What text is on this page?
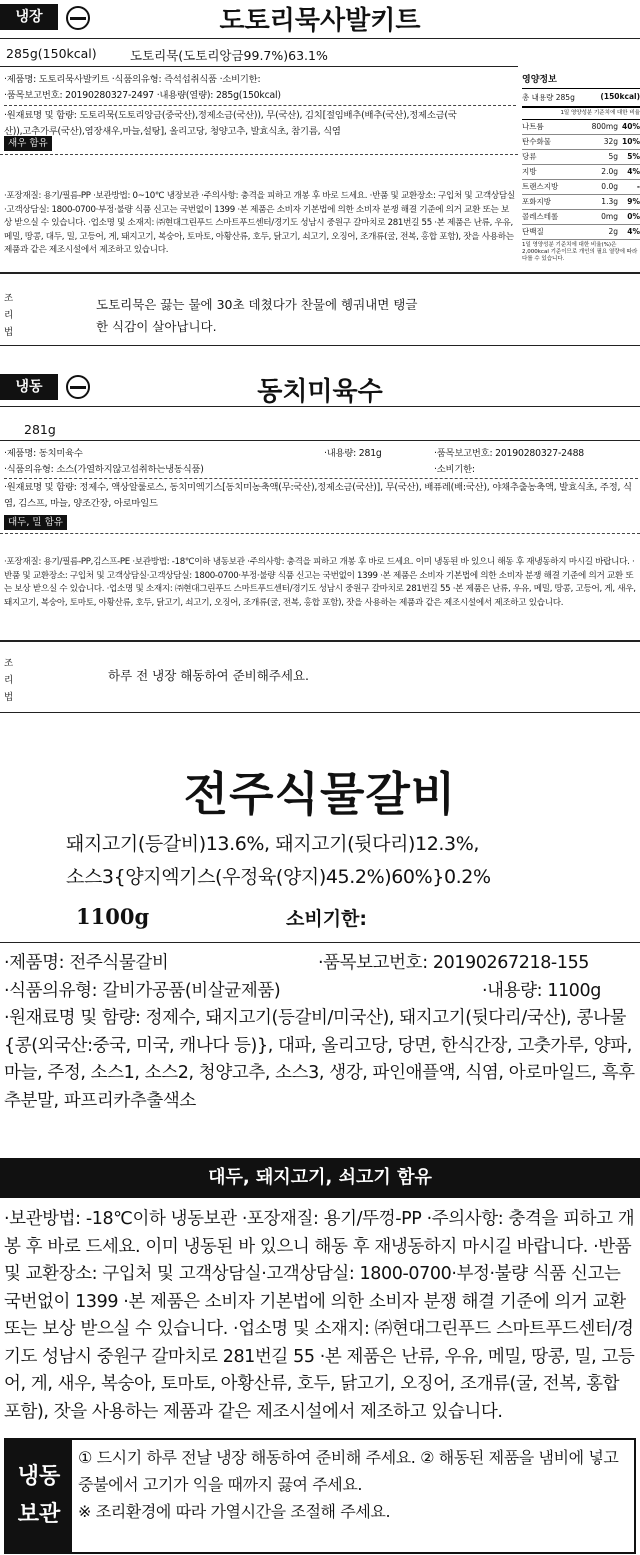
냉장	도토리묵사발키트
285g(150kcal)	도토리묵(도토리앙금99.7%)63.1%
·제품명: 도토리묵사발키트 ·식품의유형: 즉석섭취식품 ·소비기한:
·품목보고번호: 20190280327-2497 ·내용량(열량): 285g(150kcal)
·원재료명 및 함량: 도토리묵(도토리앙금(중국산),정제소금(국산)), 무(국산), 김치[절임배추(배추(국산),정제소금(국
산)),고추가루(국산),염장새우,마늘,설탕], 올리고당, 청양고추, 발효식초, 참기름, 식염
새우 함유
·포장재질: 용기/필름-PP ·보관방법: 0~10℃ 냉장보관 ·주의사항: 충격을 피하고 개봉 후 바로 드세요. ·반품 및 교환장소: 구입처 및 고객상담실·고객상담실: 1800-0700·부정·불량 식품 신고는 국번없이 1399 ·본 제품은 소비자 기본법에 의한 소비자 분쟁 해결 기준에 의거 교환 또는 보상 받으실 수 있습니다. ·업소명 및 소재지: ㈜현대그린푸드 스마트푸드센터/경기도 성남시 중원구 갈마치로 281번길 55 ·본 제품은 난류, 우유, 메밀, 땅콩, 대두, 밀, 고등어, 게, 돼지고기, 복숭아, 토마토, 아황산류, 호두, 닭고기, 쇠고기, 오징어, 조개류(굴, 전복, 홍합 포함), 잣을 사용하는 제품과 같은 제조시설에서 제조하고 있습니다.
조리법
도토리묵은 끓는 물에 30초 데쳤다가 찬물에 헹궈내면 탱글한 식감이 살아납니다.
영양정보
총 내용량 285g	(150kcal)
1일 영양성분 기준치에 대한 비율
나트륨	800mg 40%
탄수화물	32g 10%
당류	5g	5%
지방	2.0g	4%
트랜스지방	0.0g	-
포화지방	1.3g	9%
콜레스테롤	0mg	0%
단백질	2g	4%
1일 영양성분 기준치에 대한 비율(%)은 2,000kcal 기준이므로 개인의 필요 열량에 따라 다를 수 있습니다.
냉동	동치미육수
281g
·제품명: 동치미육수	·내용량: 281g	·품목보고번호: 20190280327-2488
·식품의유형: 소스(가열하지않고섭취하는냉동식품)	·소비기한:
·원재료명 및 함량: 정제수, 액상알룰로스, 동치미엑기스[동치미농축액(무:국산),정제소금(국산)], 무(국산), 배퓨레(배:국산), 야채추출농축액, 발효식초, 주정, 식염, 김스프, 마늘, 양조간장, 아로마일드
대두, 밀 함유
·포장재질: 용기/필름-PP,김스프-PE ·보관방법: -18℃이하 냉동보관 ·주의사항: 충격을 피하고 개봉 후 바로 드세요. 이미 냉동된 바 있으니 해동 후 재냉동하지 마시길 바랍니다. ·반품 및 교환장소: 구입처 및 고객상담실·고객상담실: 1800-0700·부정·불량 식품 신고는 국번없이 1399 ·본 제품은 소비자 기본법에 의한 소비자 분쟁 해결 기준에 의거 교환 또는 보상 받으실 수 있습니다. ·업소명 및 소재지: ㈜현대그린푸드 스마트푸드센터/경기도 성남시 중원구 갈마치로 281번길 55 ·본 제품은 난류, 우유, 메밀, 땅콩, 고등어, 게, 새우, 돼지고기, 복숭아, 토마토, 아황산류, 호두, 닭고기, 쇠고기, 오징어, 조개류(굴, 전복, 홍합 포함), 잣을 사용하는 제품과 같은 제조시설에서 제조하고 있습니다.
조리법
하루 전 냉장 해동하여 준비해주세요.
전주식물갈비
돼지고기(등갈비)13.6%, 돼지고기(뒷다리)12.3%,
소스3{양지엑기스(우정육(양지)45.2%)60%}0.2%
1100g	소비기한:
·제품명: 전주식물갈비	·품목보고번호: 20190267218-155
·식품의유형: 갈비가공품(비살균제품)	·내용량: 1100g
·원재료명 및 함량: 정제수, 돼지고기(등갈비/미국산), 돼지고기(뒷다리/국산), 콩나물{콩(외국산:중국, 미국, 캐나다 등)}, 대파, 올리고당, 당면, 한식간장, 고춧가루, 양파, 마늘, 주정, 소스1, 소스2, 청양고추, 소스3, 생강, 파인애플액, 식염, 아로마일드, 흑후추분말, 파프리카추출색소
대두, 돼지고기, 쇠고기 함유
·보관방법: -18℃이하 냉동보관 ·포장재질: 용기/뚜껑-PP ·주의사항: 충격을 피하고 개봉 후 바로 드세요. 이미 냉동된 바 있으니 해동 후 재냉동하지 마시길 바랍니다. ·반품 및 교환장소: 구입처 및 고객상담실·고객상담실: 1800-0700·부정·불량 식품 신고는 국번없이 1399 ·본 제품은 소비자 기본법에 의한 소비자 분쟁 해결 기준에 의거 교환 또는 보상 받으실 수 있습니다. ·업소명 및 소재지: ㈜현대그린푸드 스마트푸드센터/경기도 성남시 중원구 갈마치로 281번길 55 ·본 제품은 난류, 우유, 메밀, 땅콩, 밀, 고등어, 게, 새우, 복숭아, 토마토, 아황산류, 호두, 닭고기, 오징어, 조개류(굴, 전복, 홍합 포함), 잣을 사용하는 제품과 같은 제조시설에서 제조하고 있습니다.
냉동 보관
① 드시기 하루 전날 냉장 해동하여 준비해 주세요. ② 해동된 제품을 냄비에 넣고 중불에서 고기가 익을 때까지 끓여 주세요.
※ 조리환경에 따라 가열시간을 조절해 주세요.
